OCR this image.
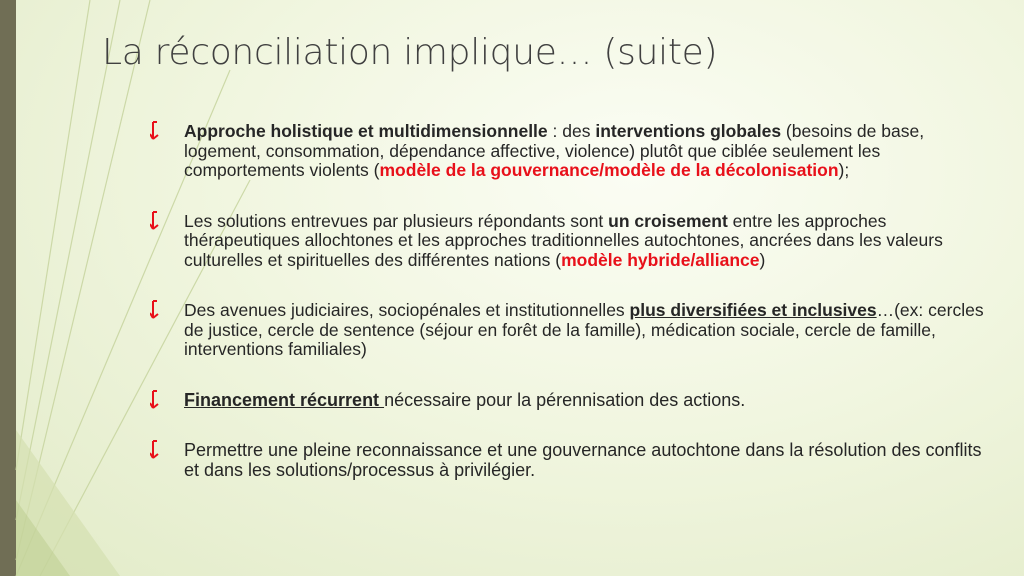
La réconciliation implique… (suite)
Approche holistique et multidimensionnelle : des interventions globales (besoins de base, logement, consommation, dépendance affective, violence) plutôt que ciblée seulement les comportements violents (modèle de la gouvernance/modèle de la décolonisation);
Les solutions entrevues par plusieurs répondants sont un croisement entre les approches thérapeutiques allochtones et les approches traditionnelles autochtones, ancrées dans les valeurs culturelles et spirituelles des différentes nations (modèle hybride/alliance)
Des avenues judiciaires, sociopénales et institutionnelles plus diversifiées et inclusives…(ex: cercles de justice, cercle de sentence (séjour en forêt de la famille), médication sociale, cercle de famille, interventions familiales)
Financement récurrent nécessaire pour la pérennisation des actions.
Permettre une pleine reconnaissance et une gouvernance autochtone dans la résolution des conflits et dans les solutions/processus à privilégier.
